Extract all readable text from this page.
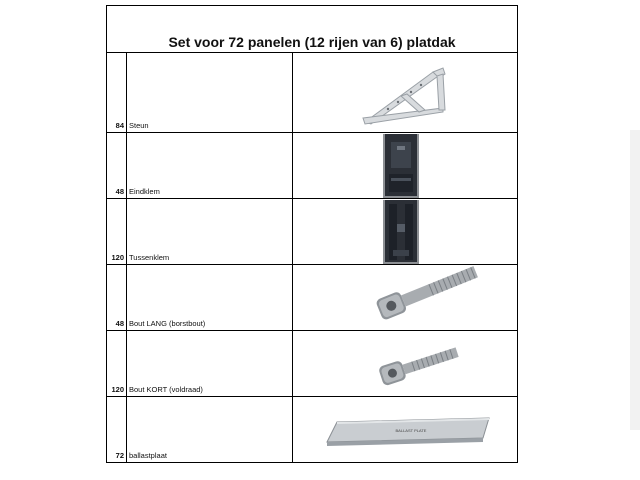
Set voor 72 panelen (12 rijen van 6) platdak		
84	Steun	

48	Eindklem	

120	Tussenklem	

48	Bout LANG (borstbout)	

120	Bout KORT (voldraad)	

72	ballastplaat	BALLAST PLATE
